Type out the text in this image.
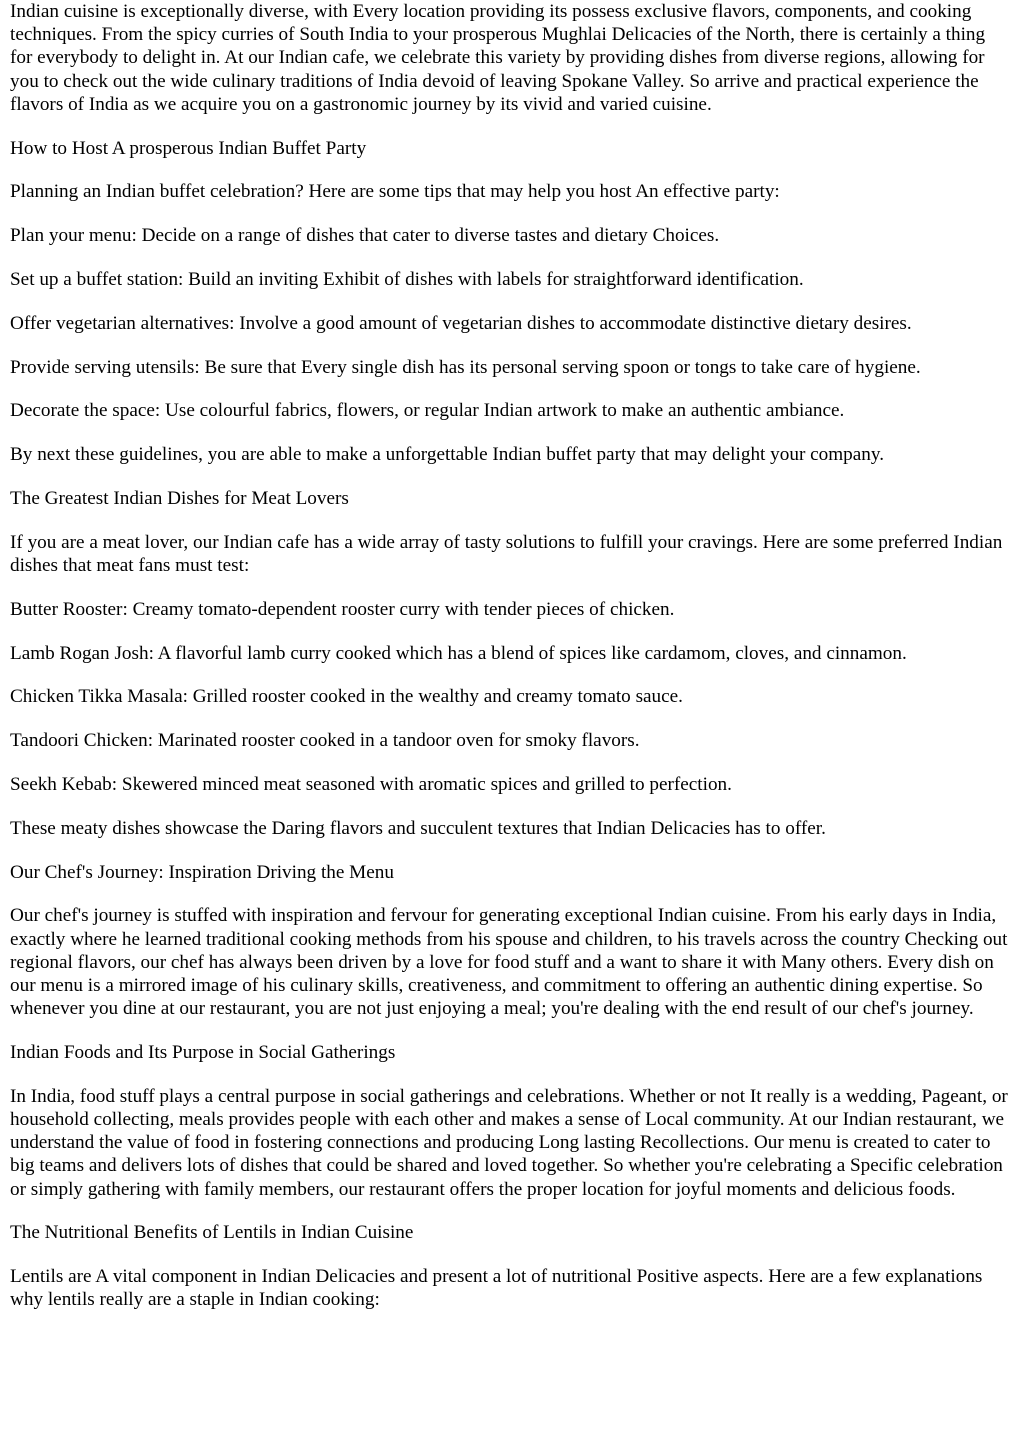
Indian cuisine is exceptionally diverse, with Every location providing its possess exclusive flavors, components, and cooking techniques. From the spicy curries of South India to your prosperous Mughlai Delicacies of the North, there is certainly a thing for everybody to delight in. At our Indian cafe, we celebrate this variety by providing dishes from diverse regions, allowing for you to check out the wide culinary traditions of India devoid of leaving Spokane Valley. So arrive and practical experience the flavors of India as we acquire you on a gastronomic journey by its vivid and varied cuisine.

How to Host A prosperous Indian Buffet Party

Planning an Indian buffet celebration? Here are some tips that may help you host An effective party:

Plan your menu: Decide on a range of dishes that cater to diverse tastes and dietary Choices.

Set up a buffet station: Build an inviting Exhibit of dishes with labels for straightforward identification.

Offer vegetarian alternatives: Involve a good amount of vegetarian dishes to accommodate distinctive dietary desires.

Provide serving utensils: Be sure that Every single dish has its personal serving spoon or tongs to take care of hygiene.

Decorate the space: Use colourful fabrics, flowers, or regular Indian artwork to make an authentic ambiance.

By next these guidelines, you are able to make a unforgettable Indian buffet party that may delight your company.

The Greatest Indian Dishes for Meat Lovers

If you are a meat lover, our Indian cafe has a wide array of tasty solutions to fulfill your cravings. Here are some preferred Indian dishes that meat fans must test:

Butter Rooster: Creamy tomato-dependent rooster curry with tender pieces of chicken.

Lamb Rogan Josh: A flavorful lamb curry cooked which has a blend of spices like cardamom, cloves, and cinnamon.

Chicken Tikka Masala: Grilled rooster cooked in the wealthy and creamy tomato sauce.

Tandoori Chicken: Marinated rooster cooked in a tandoor oven for smoky flavors.

Seekh Kebab: Skewered minced meat seasoned with aromatic spices and grilled to perfection.

These meaty dishes showcase the Daring flavors and succulent textures that Indian Delicacies has to offer.

Our Chef's Journey: Inspiration Driving the Menu

Our chef's journey is stuffed with inspiration and fervour for generating exceptional Indian cuisine. From his early days in India, exactly where he learned traditional cooking methods from his spouse and children, to his travels across the country Checking out regional flavors, our chef has always been driven by a love for food stuff and a want to share it with Many others. Every dish on our menu is a mirrored image of his culinary skills, creativeness, and commitment to offering an authentic dining expertise. So whenever you dine at our restaurant, you are not just enjoying a meal; you're dealing with the end result of our chef's journey.

Indian Foods and Its Purpose in Social Gatherings

In India, food stuff plays a central purpose in social gatherings and celebrations. Whether or not It really is a wedding, Pageant, or household collecting, meals provides people with each other and makes a sense of Local community. At our Indian restaurant, we understand the value of food in fostering connections and producing Long lasting Recollections. Our menu is created to cater to big teams and delivers lots of dishes that could be shared and loved together. So whether you're celebrating a Specific celebration or simply gathering with family members, our restaurant offers the proper location for joyful moments and delicious foods.

The Nutritional Benefits of Lentils in Indian Cuisine

Lentils are A vital component in Indian Delicacies and present a lot of nutritional Positive aspects. Here are a few explanations why lentils really are a staple in Indian cooking:
